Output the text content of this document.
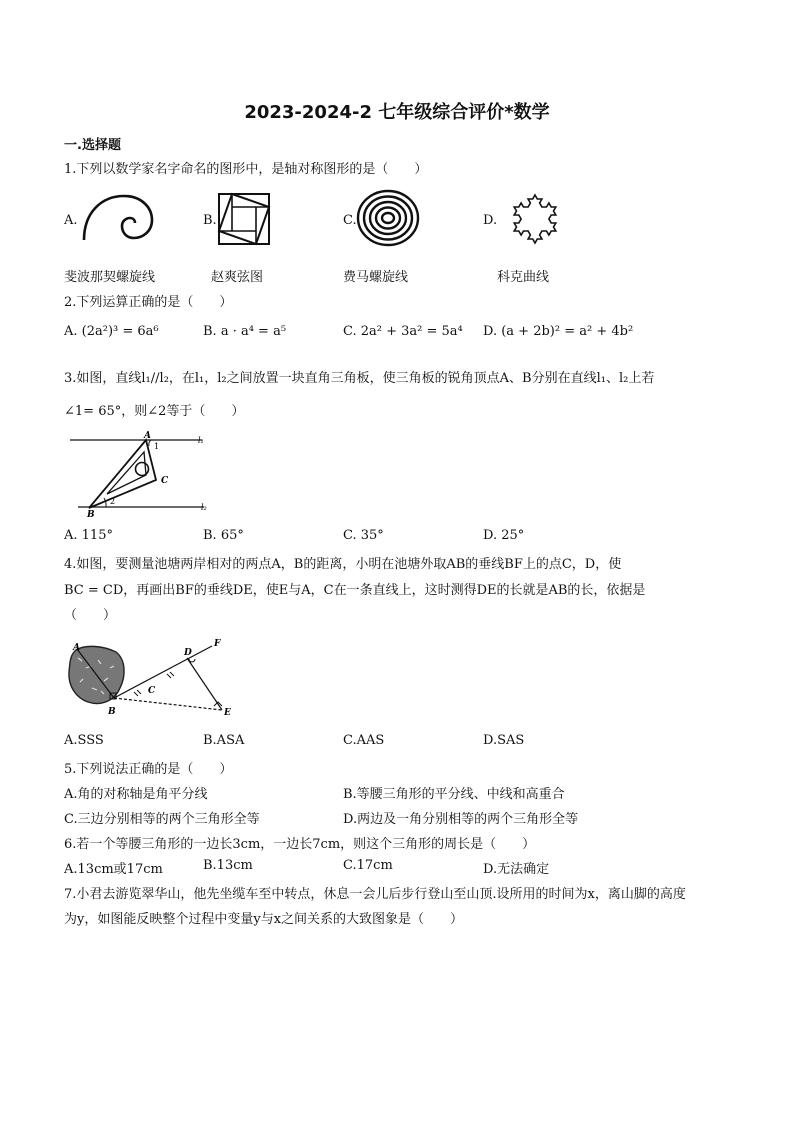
2023-2024-2 七年级综合评价*数学
一.选择题
1.下列以数学家名字命名的图形中，是轴对称图形的是（　　）
A.	B.	C.	D.
斐波那契螺旋线	赵爽弦图	费马螺旋线	科克曲线
2.下列运算正确的是（　　）
A. (2a²)³ = 6a⁶	B. a · a⁴ = a⁵	C. 2a² + 3a² = 5a⁴ D. (a + 2b)² = a² + 4b²
3.如图，直线l₁//l₂，在l₁，l₂之间放置一块直角三角板，使三角板的锐角顶点A、B分别在直线l₁、l₂上若
∠1= 65°，则∠2等于（　　）
A
1
l₁
C
2
l₂
B
A. 115°	B. 65°	C. 35°	D. 25°
4.如图，要测量池塘两岸相对的两点A，B的距离，小明在池塘外取AB的垂线BF上的点C，D，使
BC = CD，再画出BF的垂线DE，使E与A，C在一条直线上，这时测得DE的长就是AB的长，依据是
（　　）
A
B
C
D
E
F
A.SSS	B.ASA	C.AAS	D.SAS
5.下列说法正确的是（　　）
A.角的对称轴是角平分线	B.等腰三角形的平分线、中线和高重合
C.三边分别相等的两个三角形全等	D.两边及一角分别相等的两个三角形全等
6.若一个等腰三角形的一边长3cm，一边长7cm，则这个三角形的周长是（　　）
A.13cm或17cm	B.13cm	C.17cm	D.无法确定
7.小君去游览翠华山，他先坐缆车至中转点，休息一会儿后步行登山至山顶.设所用的时间为x，离山脚的高度
为y，如图能反映整个过程中变量y与x之间关系的大致图象是（　　）
